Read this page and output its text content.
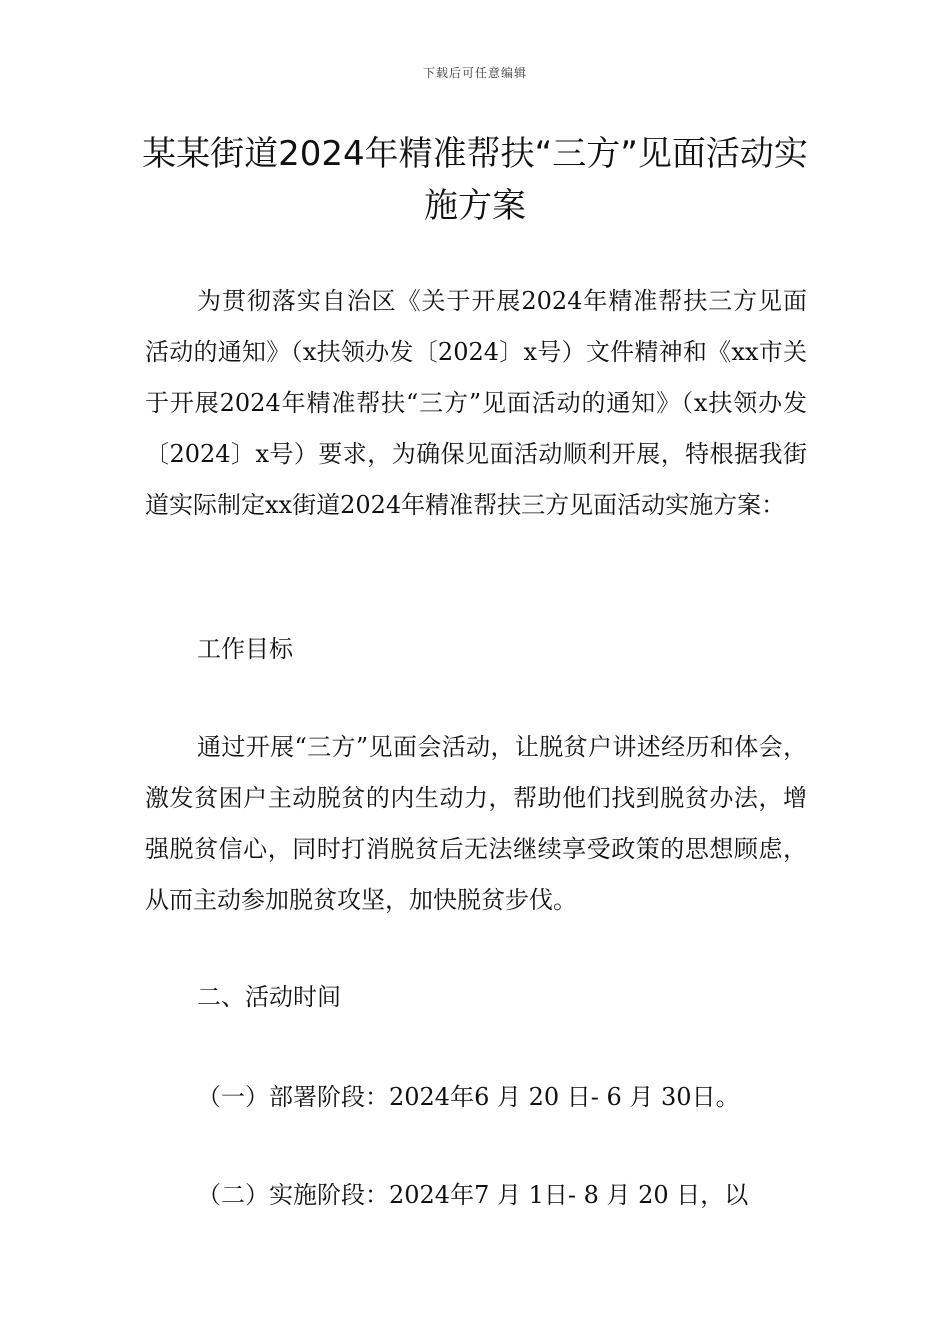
下载后可任意编辑
某某街道2024年精准帮扶“三方”见面活动实施方案
为贯彻落实自治区《关于开展2024年精准帮扶三方见面活动的通知》（x扶领办发〔2024〕x号）文件精神和《xx市关于开展2024年精准帮扶“三方”见面活动的通知》（x扶领办发〔2024〕x号）要求，为确保见面活动顺利开展，特根据我街道实际制定xx街道2024年精准帮扶三方见面活动实施方案：
工作目标
通过开展“三方”见面会活动，让脱贫户讲述经历和体会，激发贫困户主动脱贫的内生动力，帮助他们找到脱贫办法，增强脱贫信心，同时打消脱贫后无法继续享受政策的思想顾虑，从而主动参加脱贫攻坚，加快脱贫步伐。
二、活动时间
（一）部署阶段：2024年6 月 20 日- 6 月 30日。
（二）实施阶段：2024年7 月 1日- 8 月 20 日，以
